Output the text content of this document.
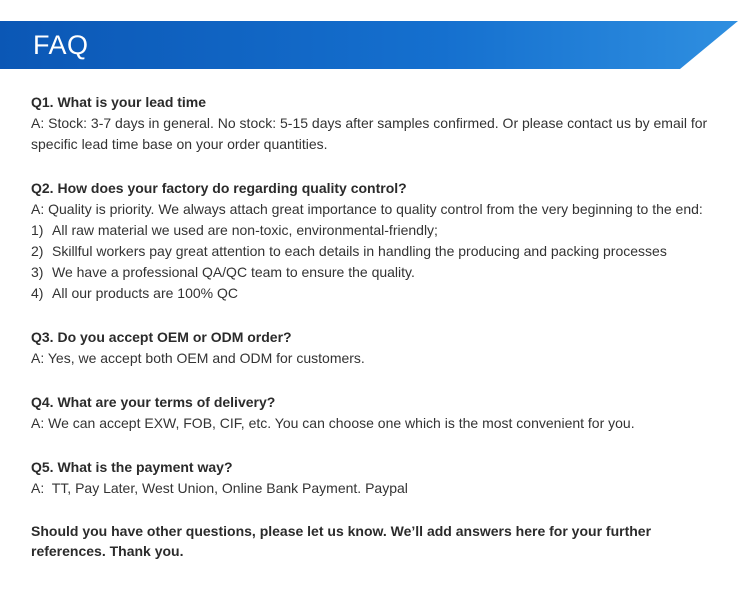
FAQ
Q1. What is your lead time
A: Stock: 3-7 days in general. No stock: 5-15 days after samples confirmed. Or please contact us by email for specific lead time base on your order quantities.
Q2. How does your factory do regarding quality control?
A: Quality is priority. We always attach great importance to quality control from the very beginning to the end:
1) All raw material we used are non-toxic, environmental-friendly;
2) Skillful workers pay great attention to each details in handling the producing and packing processes
3) We have a professional QA/QC team to ensure the quality.
4) All our products are 100% QC
Q3. Do you accept OEM or ODM order?
A: Yes, we accept both OEM and ODM for customers.
Q4. What are your terms of delivery?
A: We can accept EXW, FOB, CIF, etc. You can choose one which is the most convenient for you.
Q5. What is the payment way?
A:  TT, Pay Later, West Union, Online Bank Payment. Paypal
Should you have other questions, please let us know. We’ll add answers here for your further references. Thank you.
